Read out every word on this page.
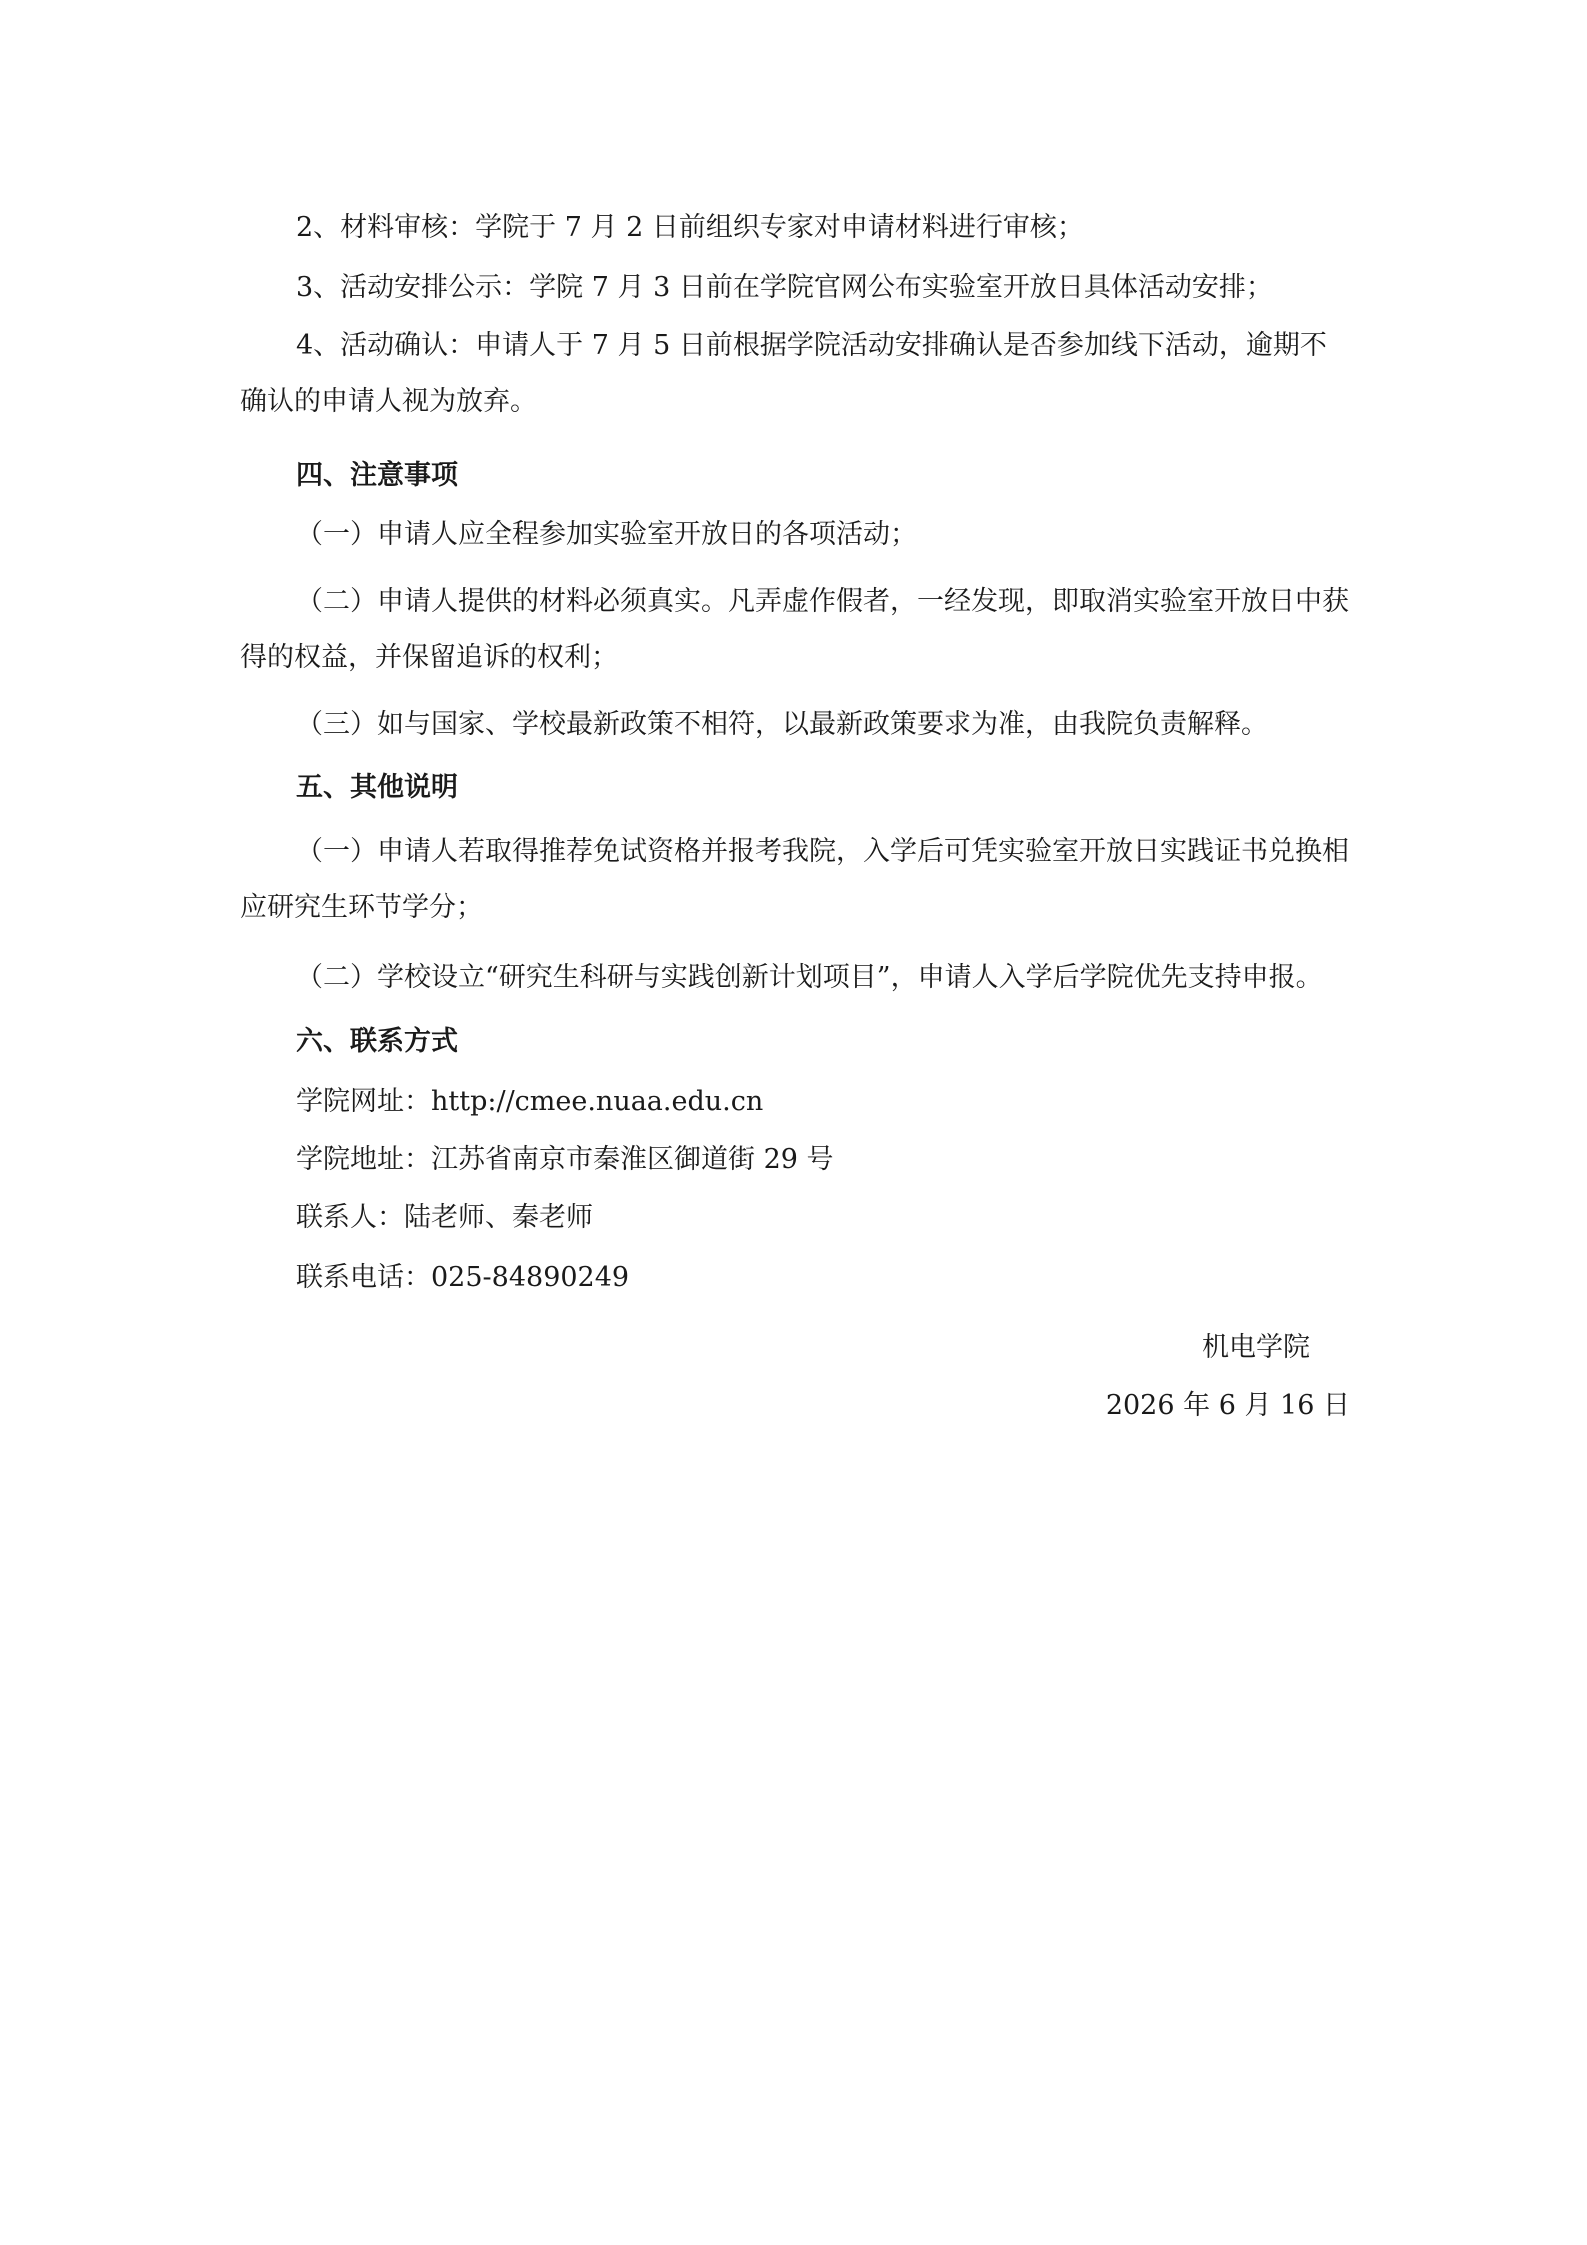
2、材料审核：学院于 7 月 2 日前组织专家对申请材料进行审核；
3、活动安排公示：学院 7 月 3 日前在学院官网公布实验室开放日具体活动安排；
4、活动确认：申请人于 7 月 5 日前根据学院活动安排确认是否参加线下活动，逾期不确认的申请人视为放弃。
四、注意事项
（一）申请人应全程参加实验室开放日的各项活动；
（二）申请人提供的材料必须真实。凡弄虚作假者，一经发现，即取消实验室开放日中获得的权益，并保留追诉的权利；
（三）如与国家、学校最新政策不相符，以最新政策要求为准，由我院负责解释。
五、其他说明
（一）申请人若取得推荐免试资格并报考我院，入学后可凭实验室开放日实践证书兑换相应研究生环节学分；
（二）学校设立“研究生科研与实践创新计划项目”，申请人入学后学院优先支持申报。
六、联系方式
学院网址：http://cmee.nuaa.edu.cn
学院地址：江苏省南京市秦淮区御道街 29 号
联系人：陆老师、秦老师
联系电话：025-84890249
机电学院
2026 年 6 月 16 日
